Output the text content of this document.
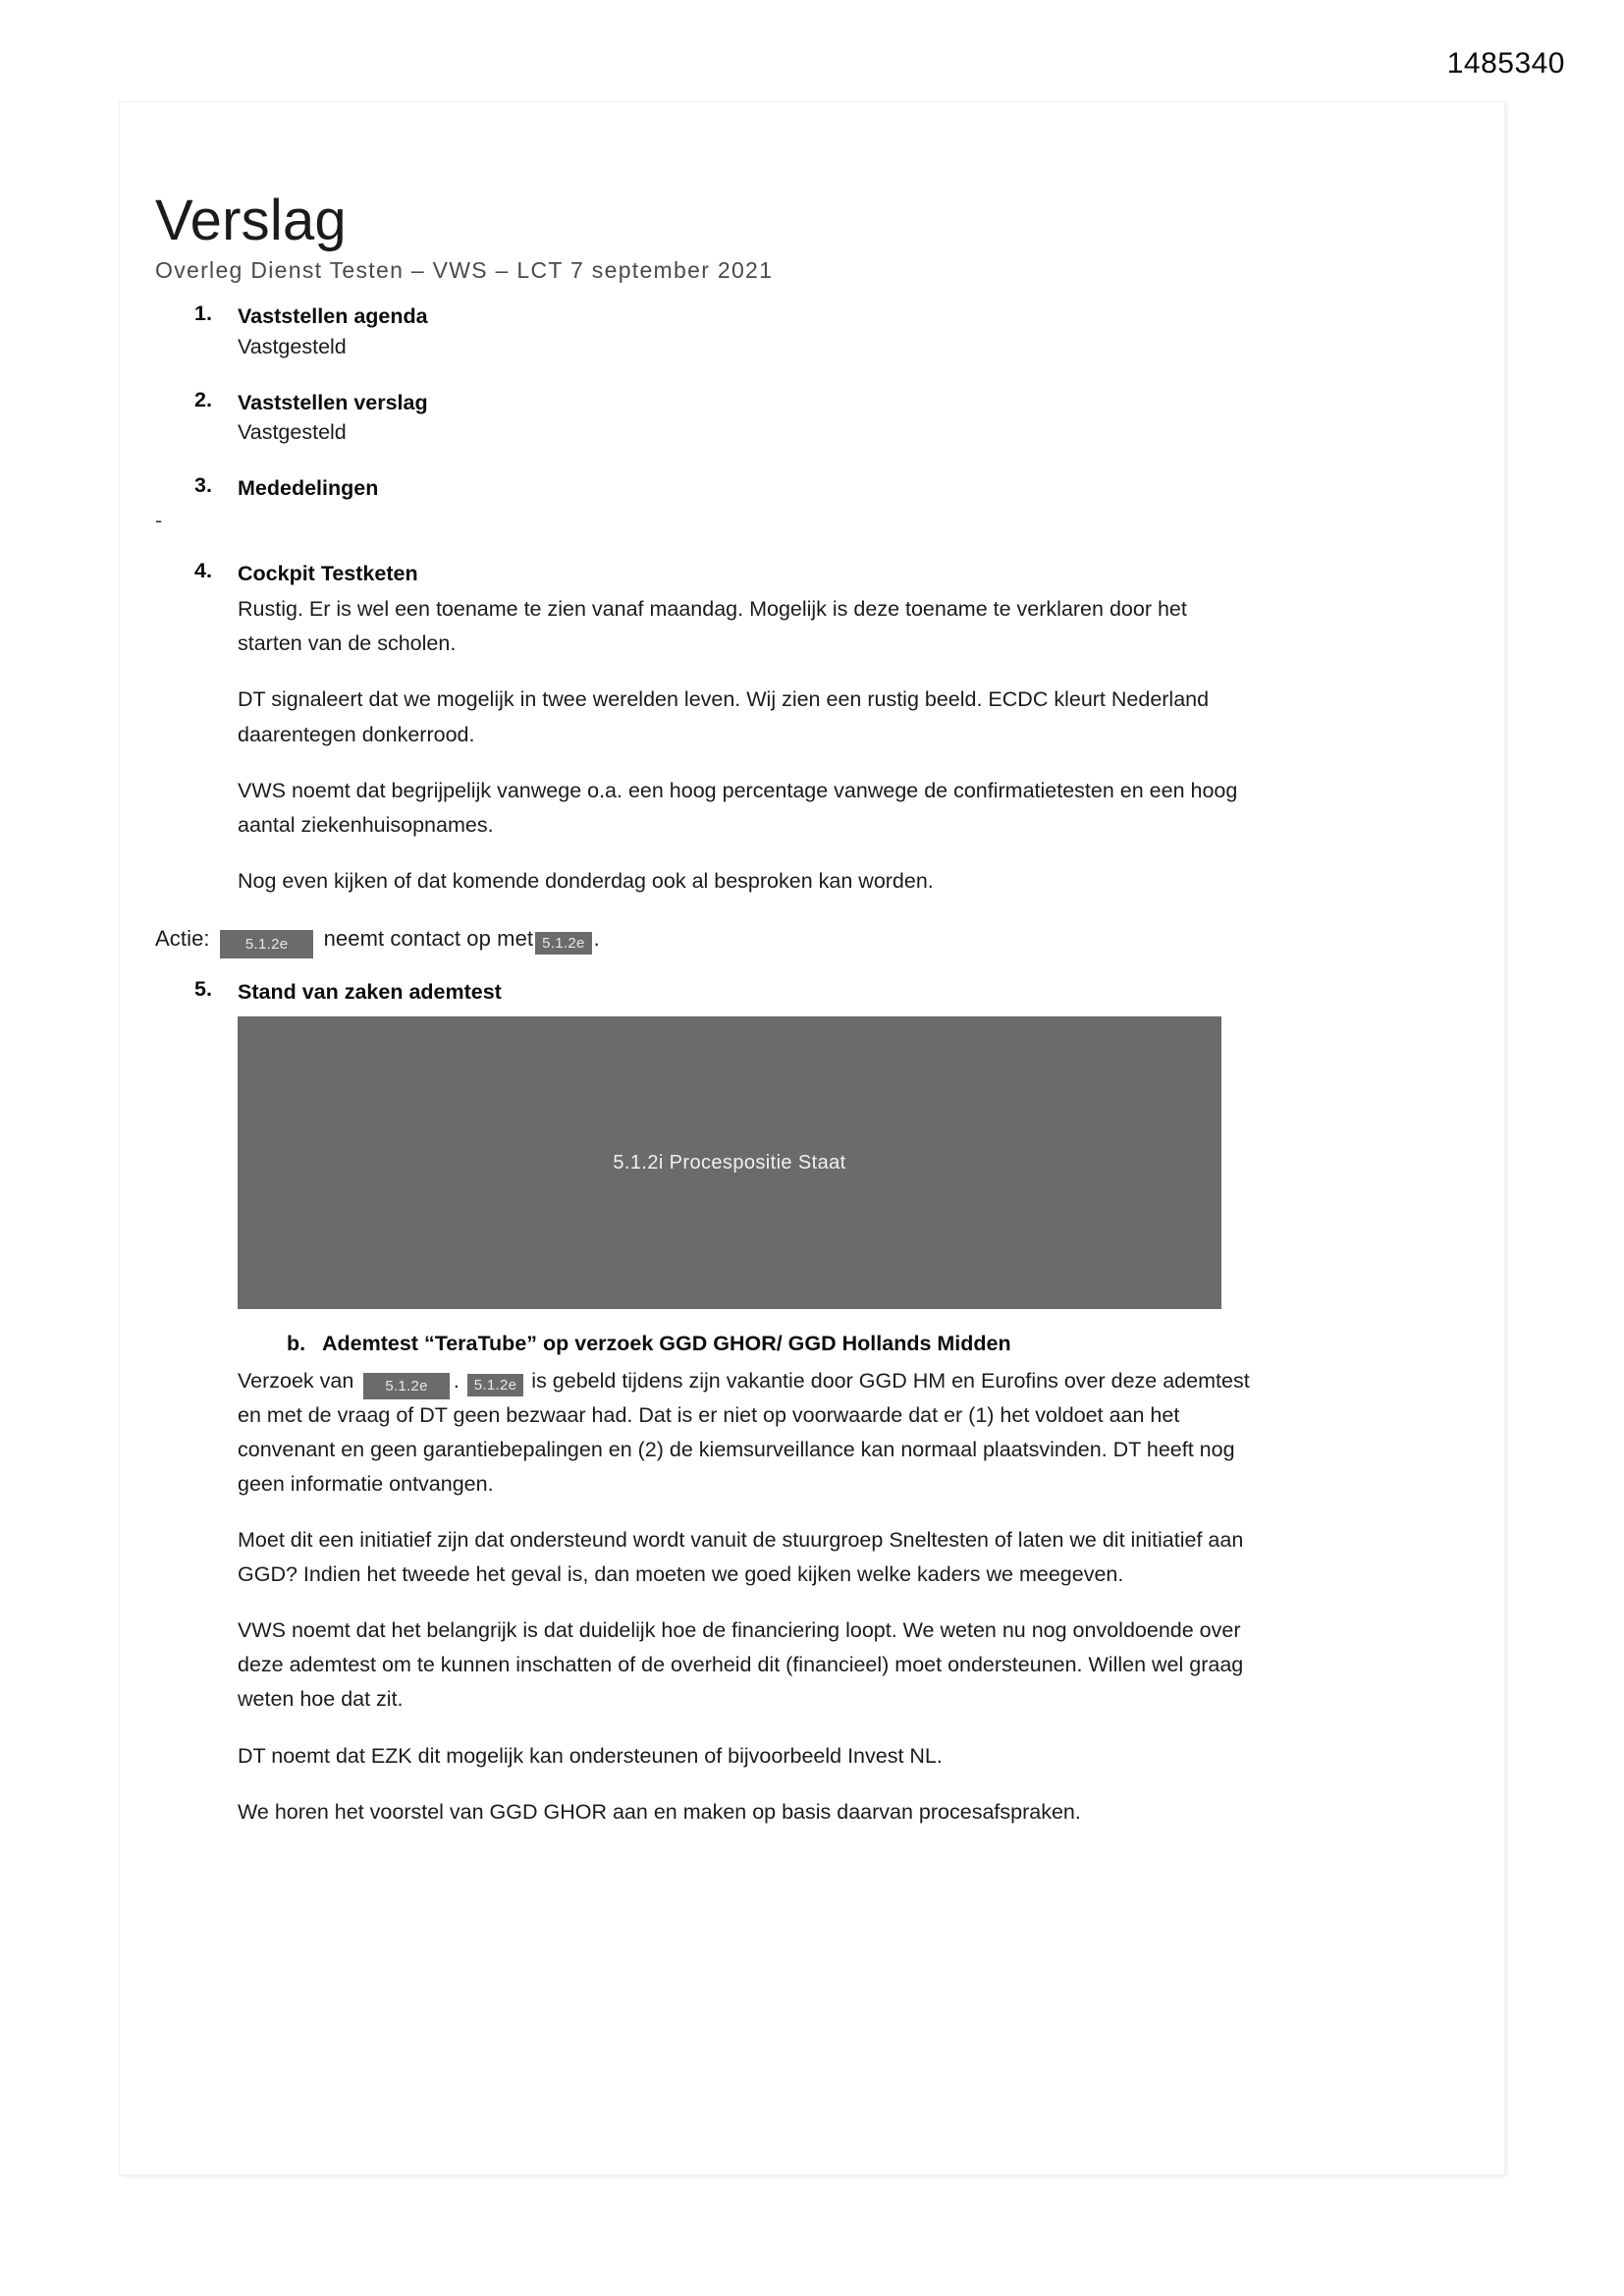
1485340
Verslag
Overleg Dienst Testen – VWS – LCT 7 september 2021
1. Vaststellen agenda
Vastgesteld
2. Vaststellen verslag
Vastgesteld
3. Mededelingen
-
4. Cockpit Testketen

Rustig. Er is wel een toename te zien vanaf maandag. Mogelijk is deze toename te verklaren door het starten van de scholen.

DT signaleert dat we mogelijk in twee werelden leven. Wij zien een rustig beeld. ECDC kleurt Nederland daarentegen donkerrood.

VWS noemt dat begrijpelijk vanwege o.a. een hoog percentage vanwege de confirmatietesten en een hoog aantal ziekenhuisopnames.

Nog even kijken of dat komende donderdag ook al besproken kan worden.

Actie: 5.1.2e neemt contact op met 5.1.2e .
5. Stand van zaken ademtest
5.1.2i Procespositie Staat
b. Ademtest “TeraTube” op verzoek GGD GHOR/ GGD Hollands Midden

Verzoek van 5.1.2e . 5.1.2e is gebeld tijdens zijn vakantie door GGD HM en Eurofins over deze ademtest en met de vraag of DT geen bezwaar had. Dat is er niet op voorwaarde dat er (1) het voldoet aan het convenant en geen garantiebepalingen en (2) de kiemsurveillance kan normaal plaatsvinden. DT heeft nog geen informatie ontvangen.

Moet dit een initiatief zijn dat ondersteund wordt vanuit de stuurgroep Sneltesten of laten we dit initiatief aan GGD? Indien het tweede het geval is, dan moeten we goed kijken welke kaders we meegeven.

VWS noemt dat het belangrijk is dat duidelijk hoe de financiering loopt. We weten nu nog onvoldoende over deze ademtest om te kunnen inschatten of de overheid dit (financieel) moet ondersteunen. Willen wel graag weten hoe dat zit.

DT noemt dat EZK dit mogelijk kan ondersteunen of bijvoorbeeld Invest NL.

We horen het voorstel van GGD GHOR aan en maken op basis daarvan procesafspraken.
